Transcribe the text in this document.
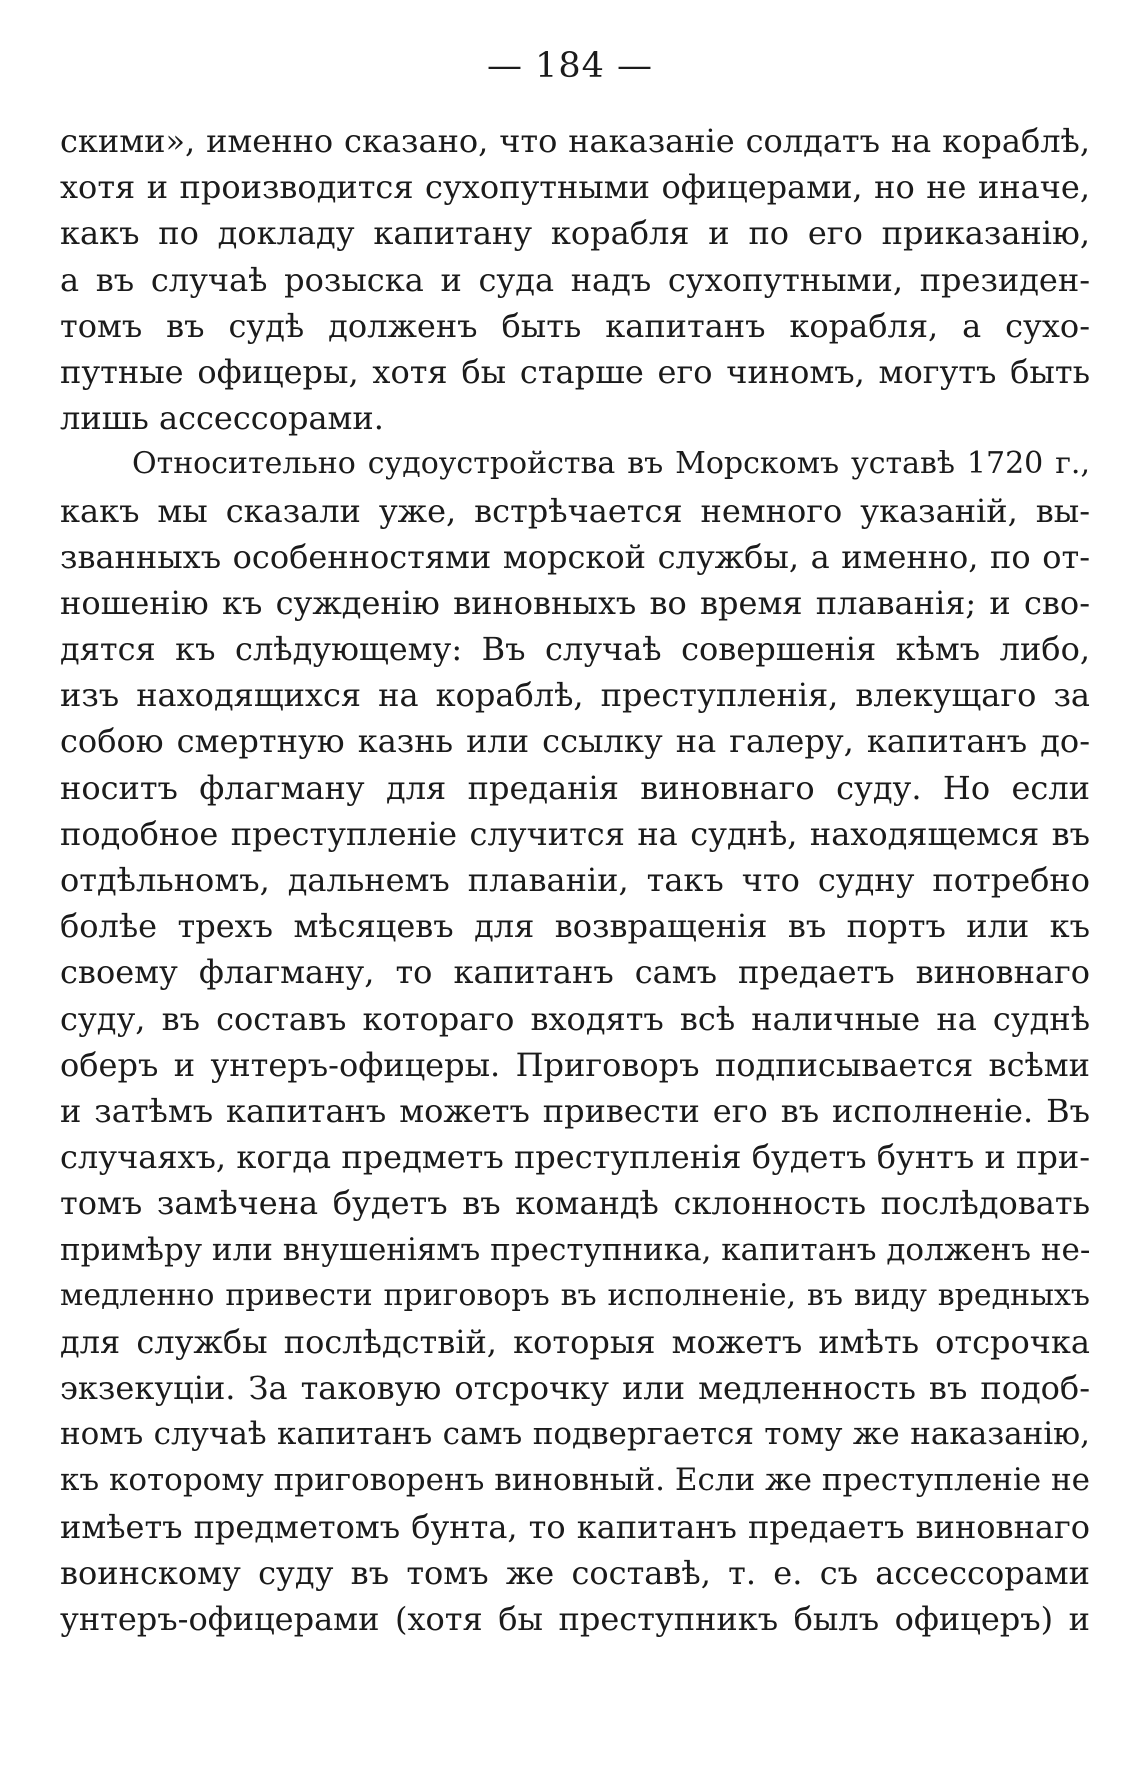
— 184 —
скими», именно сказано, что наказаніе солдатъ на кораблѣ,
хотя и производится сухопутными офицерами, но не иначе,
какъ по докладу капитану корабля и по его приказанію,
а въ случаѣ розыска и суда надъ сухопутными, президен-
томъ въ судѣ долженъ быть капитанъ корабля, а сухо-
путные офицеры, хотя бы старше его чиномъ, могутъ быть
лишь ассессорами.
Относительно судоустройства въ Морскомъ уставѣ 1720 г.,
какъ мы сказали уже, встрѣчается немного указаній, вы-
званныхъ особенностями морской службы, а именно, по от-
ношенію къ сужденію виновныхъ во время плаванія; и сво-
дятся къ слѣдующему: Въ случаѣ совершенія кѣмъ либо,
изъ находящихся на кораблѣ, преступленія, влекущаго за
собою смертную казнь или ссылку на галеру, капитанъ до-
носитъ флагману для преданія виновнаго суду. Но если
подобное преступленіе случится на суднѣ, находящемся въ
отдѣльномъ, дальнемъ плаваніи, такъ что судну потребно
болѣе трехъ мѣсяцевъ для возвращенія въ портъ или къ
своему флагману, то капитанъ самъ предаетъ виновнаго
суду, въ составъ котораго входятъ всѣ наличные на суднѣ
оберъ и унтеръ-офицеры. Приговоръ подписывается всѣми
и затѣмъ капитанъ можетъ привести его въ исполненіе. Въ
случаяхъ, когда предметъ преступленія будетъ бунтъ и при-
томъ замѣчена будетъ въ командѣ склонность послѣдовать
примѣру или внушеніямъ преступника, капитанъ долженъ не-
медленно привести приговоръ въ исполненіе, въ виду вредныхъ
для службы послѣдствій, которыя можетъ имѣть отсрочка
экзекуціи. За таковую отсрочку или медленность въ подоб-
номъ случаѣ капитанъ самъ подвергается тому же наказанію,
къ которому приговоренъ виновный. Если же преступленіе не
имѣетъ предметомъ бунта, то капитанъ предаетъ виновнаго
воинскому суду въ томъ же составѣ, т. е. съ ассессорами
унтеръ-офицерами (хотя бы преступникъ былъ офицеръ) и
